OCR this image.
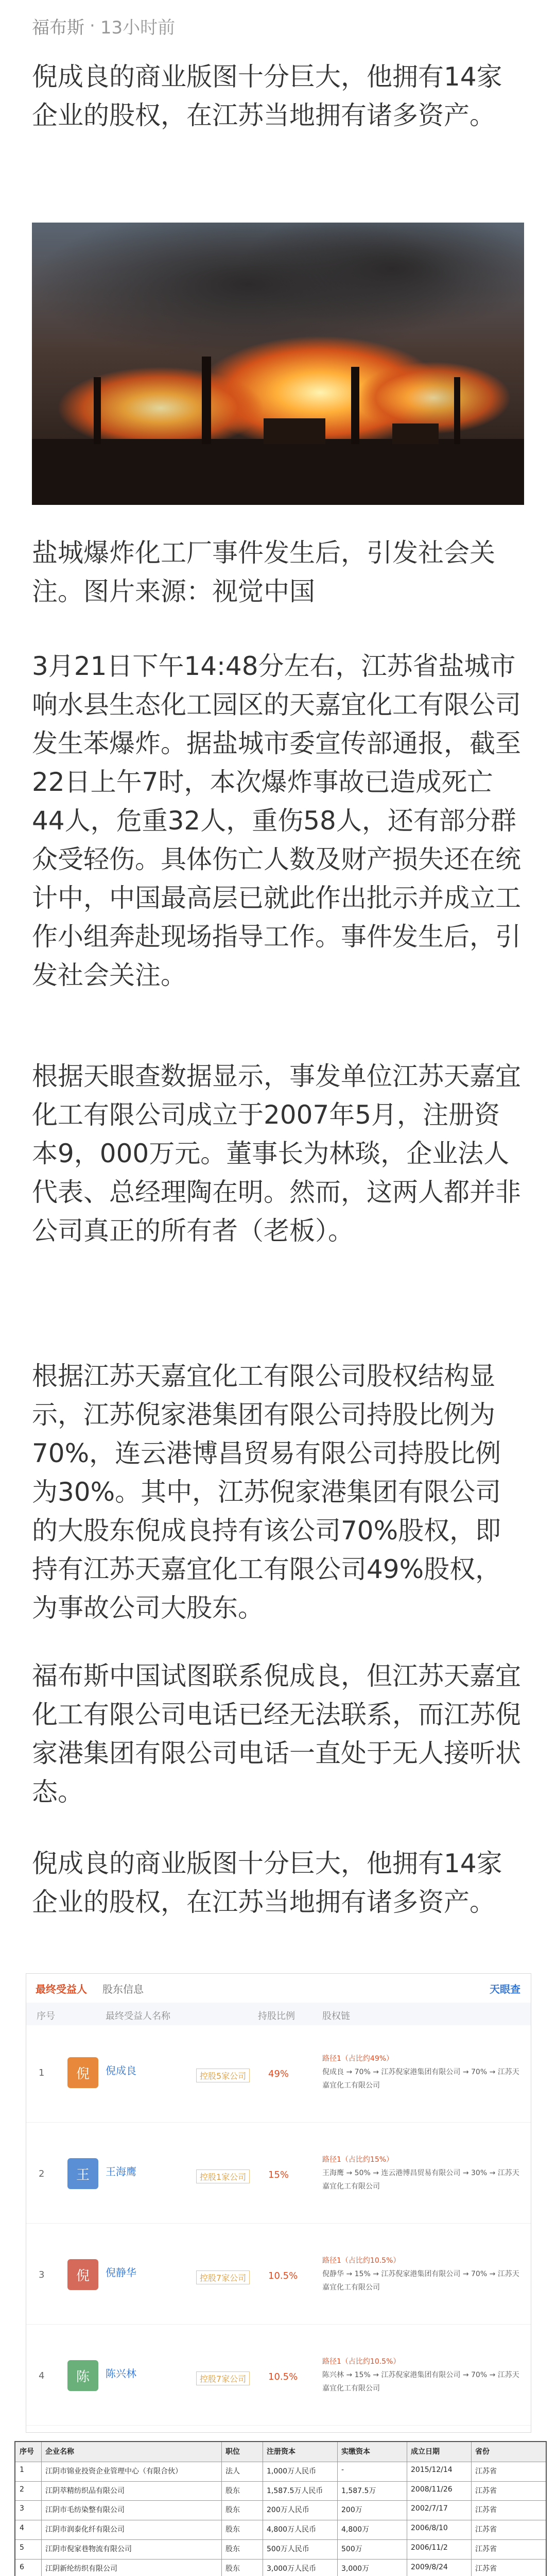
福布斯 · 13小时前

倪成良的商业版图十分巨大，他拥有14家企业的股权，在江苏当地拥有诸多资产。

盐城爆炸化工厂事件发生后，引发社会关注。图片来源：视觉中国

3月21日下午14:48分左右，江苏省盐城市响水县生态化工园区的天嘉宜化工有限公司发生苯爆炸。据盐城市委宣传部通报，截至22日上午7时，本次爆炸事故已造成死亡44人，危重32人，重伤58人，还有部分群众受轻伤。具体伤亡人数及财产损失还在统计中，中国最高层已就此作出批示并成立工作小组奔赴现场指导工作。事件发生后，引发社会关注。

根据天眼查数据显示，事发单位江苏天嘉宜化工有限公司成立于2007年5月，注册资本9，000万元。董事长为林琰，企业法人代表、总经理陶在明。然而，这两人都并非公司真正的所有者（老板）。

根据江苏天嘉宜化工有限公司股权结构显示，江苏倪家港集团有限公司持股比例为70%，连云港博昌贸易有限公司持股比例为30%。其中，江苏倪家港集团有限公司的大股东倪成良持有该公司70%股权，即持有江苏天嘉宜化工有限公司49%股权，为事故公司大股东。

福布斯中国试图联系倪成良，但江苏天嘉宜化工有限公司电话已经无法联系，而江苏倪家港集团有限公司电话一直处于无人接听状态。

倪成良的商业版图十分巨大，他拥有14家企业的股权，在江苏当地拥有诸多资产。

最终受益人 股东信息	天眼查
序号	最终受益人名称	持股比例	股权链
1	倪	倪成良	控股5家公司	49%
路径1（占比约49%）
倪成良 → 70% → 江苏倪家港集团有限公司 → 70% → 江苏天嘉宜化工有限公司
2	王	王海鹰	控股1家公司	15%
路径1（占比约15%）
王海鹰 → 50% → 连云港博昌贸易有限公司 → 30% → 江苏天嘉宜化工有限公司
3	倪	倪静华	控股7家公司	10.5%
路径1（占比约10.5%）
倪静华 → 15% → 江苏倪家港集团有限公司 → 70% → 江苏天嘉宜化工有限公司
4	陈	陈兴林	控股7家公司	10.5%
路径1（占比约10.5%）
陈兴林 → 15% → 江苏倪家港集团有限公司 → 70% → 江苏天嘉宜化工有限公司
序号	企业名称	职位	注册资本	实缴资本	成立日期	省份
1	江阴市锦业投资企业管理中心（有限合伙）	法人	1,000万人民币	-	2015/12/14	江苏省
2	江阴萃精纺织品有限公司	股东	1,587.5万人民币	1,587.5万	2008/11/26	江苏省
3	江阴市毛纺染整有限公司	股东	200万人民币	200万	2002/7/17	江苏省
4	江阴市润泰化纤有限公司	股东	4,800万人民币	4,800万	2006/8/10	江苏省
5	江阴市倪家巷物流有限公司	股东	500万人民币	500万	2006/11/2	江苏省
6	江阴新纶纺织有限公司	股东	3,000万人民币	3,000万	2009/8/24	江苏省
